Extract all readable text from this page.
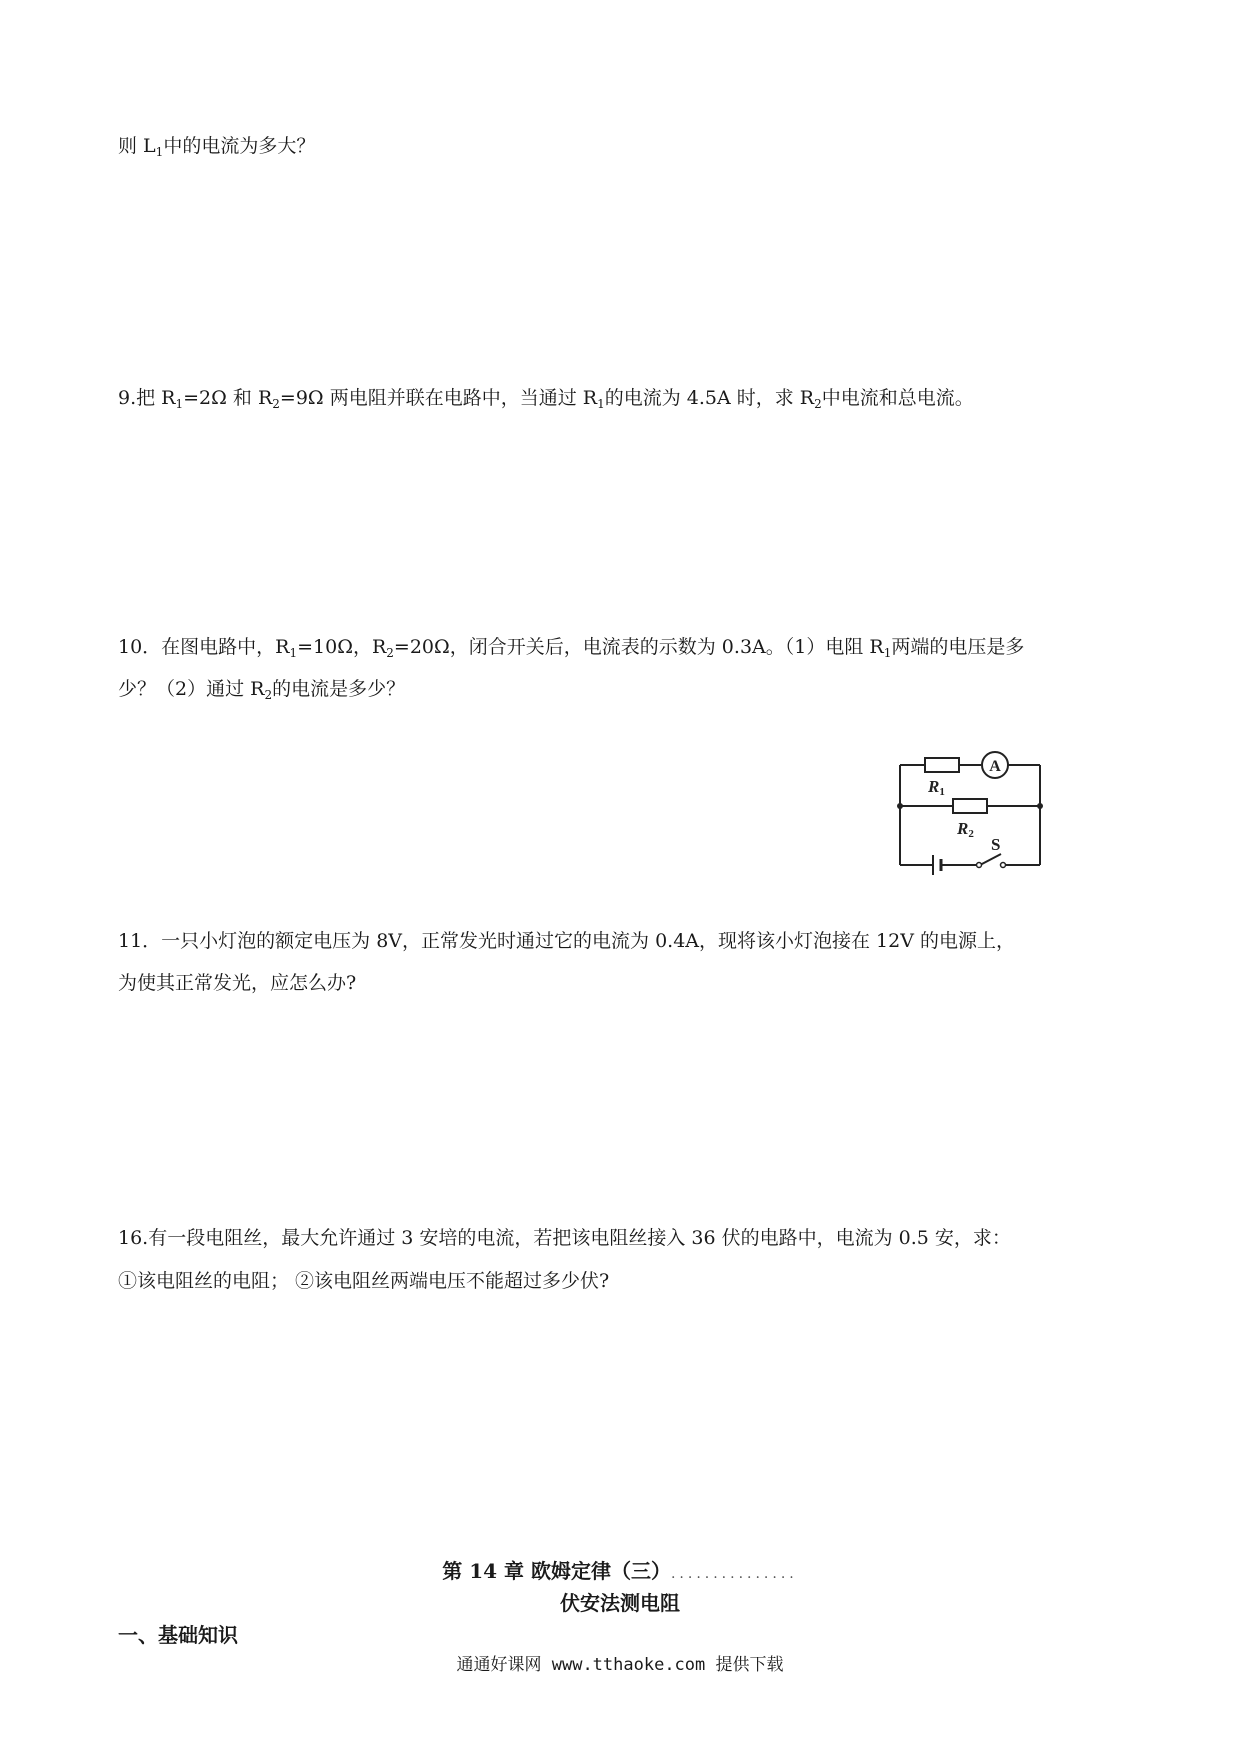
则 $L_1$中的电流为多大？
9.把 $R_1=2\Omega$ 和 $R_2=9\Omega$ 两电阻并联在电路中，当通过 $R_1$的电流为 4.5A 时，求 $R_2$中电流和总电流。
10．在图电路中，$R_1=10\Omega$，$R_2=20\Omega$，闭合开关后，电流表的示数为 0.3A。（1）电阻 $R_1$两端的电压是多
少？（2）通过 $R_2$的电流是多少？
A
R1
R2
S
11．一只小灯泡的额定电压为 8V，正常发光时通过它的电流为 0.4A，现将该小灯泡接在 12V 的电源上，
为使其正常发光，应怎么办?
16.有一段电阻丝，最大允许通过 3 安培的电流，若把该电阻丝接入 36 伏的电路中，电流为 0.5 安，求：
①该电阻丝的电阻； ②该电阻丝两端电压不能超过多少伏?
第 14 章 欧姆定律（三）...............
伏安法测电阻
一、基础知识
通通好课网 www.tthaoke.com 提供下载
